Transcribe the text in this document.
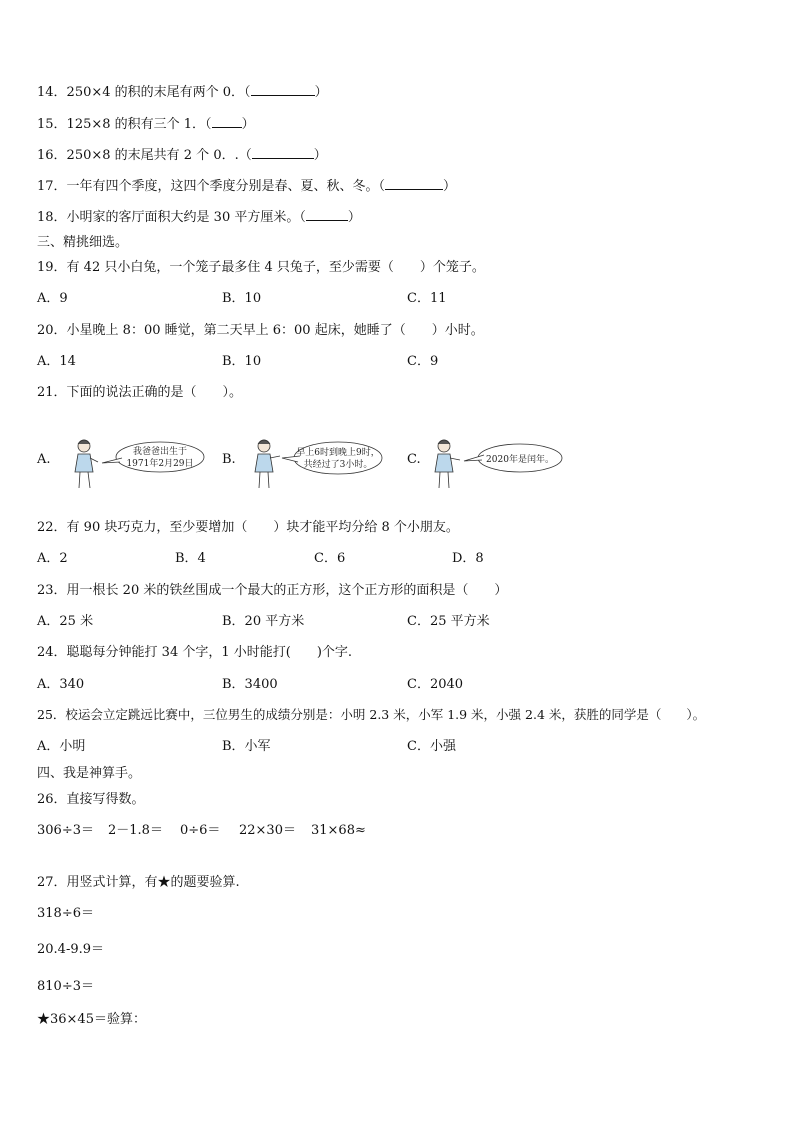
14．250×4 的积的末尾有两个 0．（	）
15．125×8 的积有三个 1．（ ）
16．250×8 的末尾共有 2 个 0．.（	）
17．一年有四个季度，这四个季度分别是春、夏、秋、冬。（	）
18．小明家的客厅面积大约是 30 平方厘米。（	）
三、精挑细选。
19．有 42 只小白兔，一个笼子最多住 4 只兔子，至少需要（　　）个笼子。
A．9	B．10	C．11
20．小星晚上 8：00 睡觉，第二天早上 6：00 起床，她睡了（　　）小时。
A．14	B．10	C．9
21．下面的说法正确的是（　　）。
A.	我爸爸出生于
1971年2月29日 B.	早上6时到晚上9时，
共经过了3小时。	C.	2020年是闰年。
22．有 90 块巧克力，至少要增加（　　）块才能平均分给 8 个小朋友。
A．2	B．4	C．6	D．8
23．用一根长 20 米的铁丝围成一个最大的正方形，这个正方形的面积是（　　）
A．25 米	B．20 平方米	C．25 平方米
24．聪聪每分钟能打 34 个字，1 小时能打(　　)个字.
A．340	B．3400	C．2040
25．校运会立定跳远比赛中，三位男生的成绩分别是：小明 2.3 米，小军 1.9 米，小强 2.4 米，获胜的同学是（　　）。
A．小明	B．小军	C．小强
四、我是神算手。
26．直接写得数。
306÷3＝ 2－1.8＝ 0÷6＝ 22×30＝ 31×68≈
27．用竖式计算，有★的题要验算.
318÷6＝
20.4-9.9＝
810÷3＝
★36×45＝验算：
